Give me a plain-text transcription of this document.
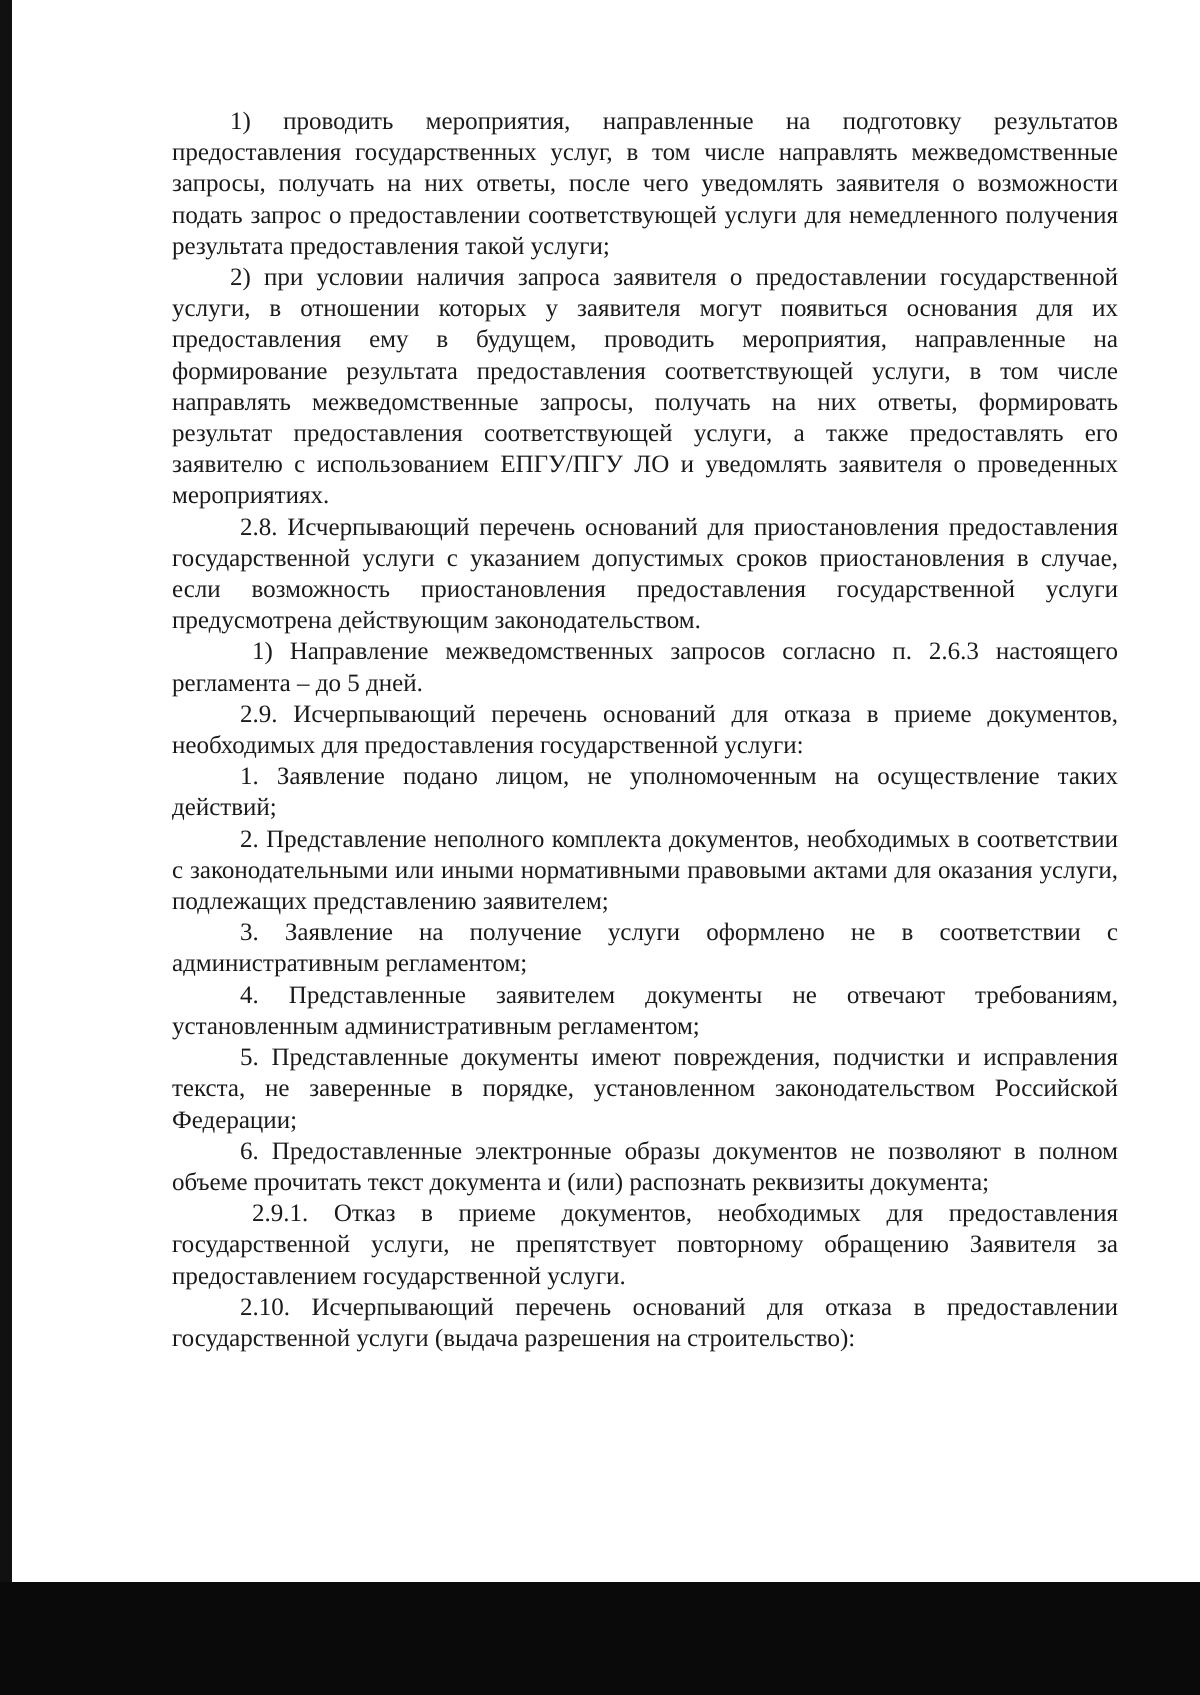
1) проводить мероприятия, направленные на подготовку результатов предоставления государственных услуг, в том числе направлять межведомственные запросы, получать на них ответы, после чего уведомлять заявителя о возможности подать запрос о предоставлении соответствующей услуги для немедленного получения результата предоставления такой услуги;

2) при условии наличия запроса заявителя о предоставлении государственной услуги, в отношении которых у заявителя могут появиться основания для их предоставления ему в будущем, проводить мероприятия, направленные на формирование результата предоставления соответствующей услуги, в том числе направлять межведомственные запросы, получать на них ответы, формировать результат предоставления соответствующей услуги, а также предоставлять его заявителю с использованием ЕПГУ/ПГУ ЛО и уведомлять заявителя о проведенных мероприятиях.

2.8. Исчерпывающий перечень оснований для приостановления предоставления государственной услуги с указанием допустимых сроков приостановления в случае, если возможность приостановления предоставления государственной услуги предусмотрена действующим законодательством.

1) Направление межведомственных запросов согласно п. 2.6.3 настоящего регламента – до 5 дней.

2.9. Исчерпывающий перечень оснований для отказа в приеме документов, необходимых для предоставления государственной услуги:

1. Заявление подано лицом, не уполномоченным на осуществление таких действий;

2. Представление неполного комплекта документов, необходимых в соответствии с законодательными или иными нормативными правовыми актами для оказания услуги, подлежащих представлению заявителем;

3. Заявление на получение услуги оформлено не в соответствии с административным регламентом;

4. Представленные заявителем документы не отвечают требованиям, установленным административным регламентом;

5. Представленные документы имеют повреждения, подчистки и исправления текста, не заверенные в порядке, установленном законодательством Российской Федерации;

6. Предоставленные электронные образы документов не позволяют в полном объеме прочитать текст документа и (или) распознать реквизиты документа;

2.9.1. Отказ в приеме документов, необходимых для предоставления государственной услуги, не препятствует повторному обращению Заявителя за предоставлением государственной услуги.

2.10. Исчерпывающий перечень оснований для отказа в предоставлении государственной услуги (выдача разрешения на строительство):
